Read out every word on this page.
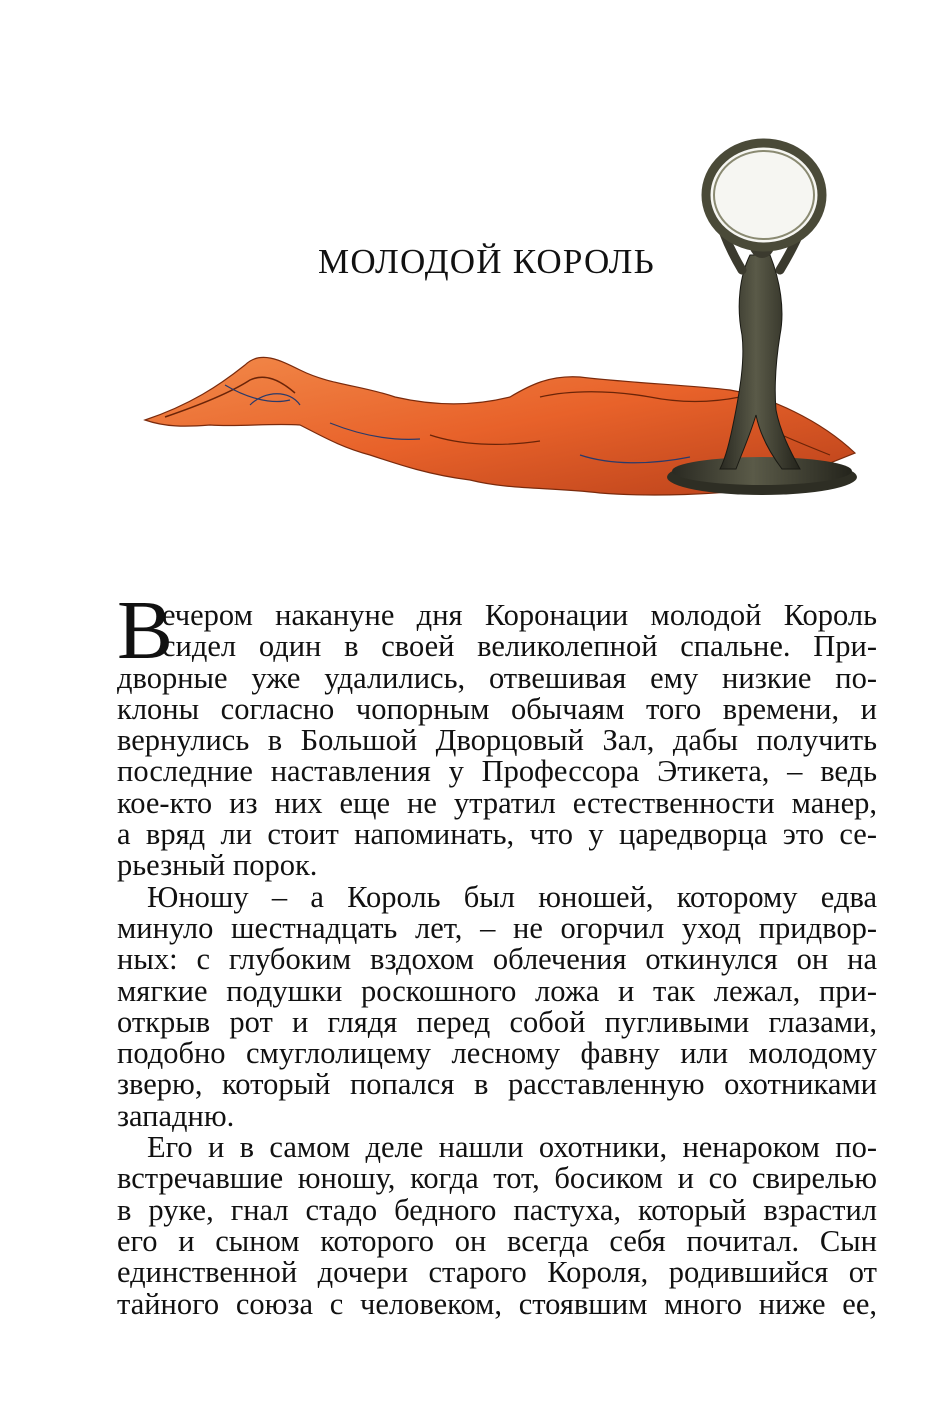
МОЛОДОЙ КОРОЛЬ
В
ечером накануне дня Коронации молодой Король
сидел один в своей великолепной спальне. При-
дворные уже удалились, отвешивая ему низкие по-
клоны согласно чопорным обычаям того времени, и
вернулись в Большой Дворцовый Зал, дабы получить
последние наставления у Профессора Этикета, – ведь
кое-кто из них еще не утратил естественности манер,
а вряд ли стоит напоминать, что у царедворца это се-
рьезный порок.
Юношу – а Король был юношей, которому едва
минуло шестнадцать лет, – не огорчил уход придвор-
ных: с глубоким вздохом облечения откинулся он на
мягкие подушки роскошного ложа и так лежал, при-
открыв рот и глядя перед собой пугливыми глазами,
подобно смуглолицему лесному фавну или молодому
зверю, который попался в расставленную охотниками
западню.
Его и в самом деле нашли охотники, ненароком по-
встречавшие юношу, когда тот, босиком и со свирелью
в руке, гнал стадо бедного пастуха, который взрастил
его и сыном которого он всегда себя почитал. Сын
единственной дочери старого Короля, родившийся от
тайного союза с человеком, стоявшим много ниже ее,
